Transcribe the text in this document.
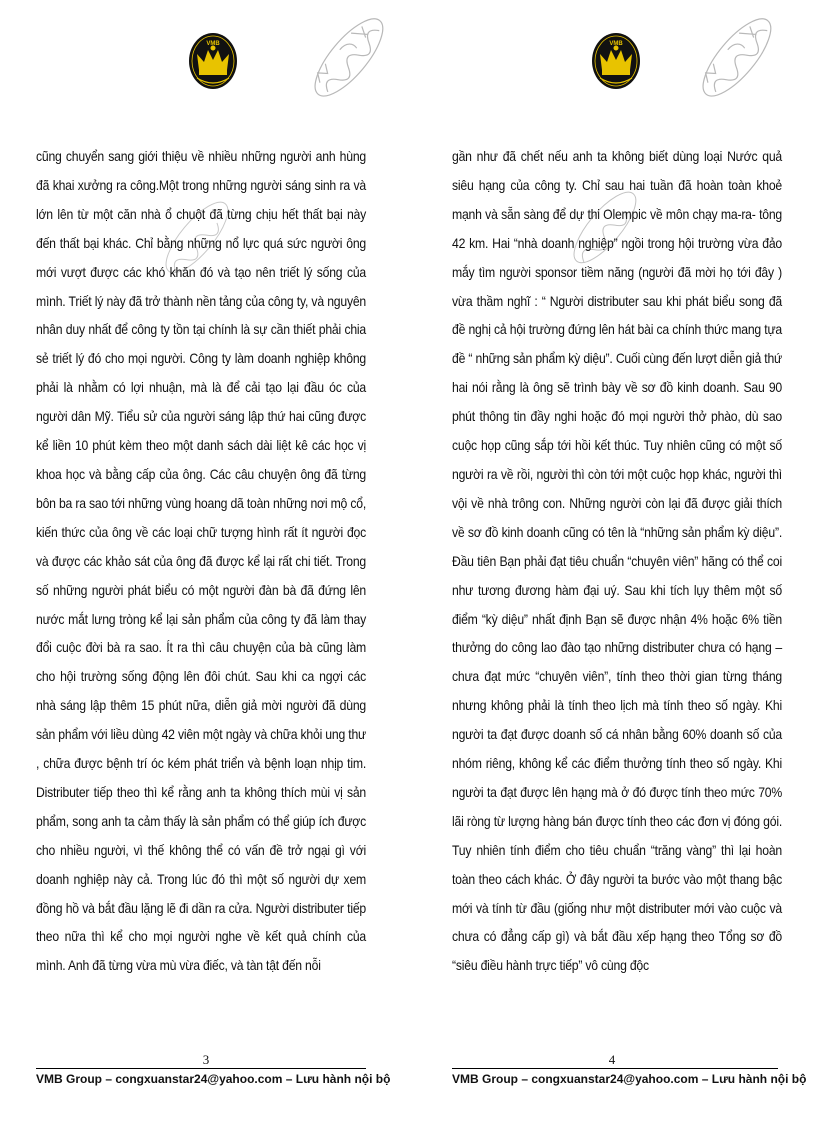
VMB
cũng chuyển sang giới thiệu về nhiều những người anh hùng đã khai xưởng ra công.Một trong những người sáng sinh ra và lớn lên từ một căn nhà ổ chuột đã từng chịu hết thất bại này đến thất bại khác. Chỉ bằng những nổ lực quá sức người ông mới vượt được các khó khăn đó và tạo nên triết lý sống của mình. Triết lý này đã trở thành nền tảng của công ty, và nguyên nhân duy nhất để công ty tồn tại chính là sự cần thiết phải chia sẻ triết lý đó cho mọi người. Công ty làm doanh nghiệp không phải là nhằm có lợi nhuận, mà là để cải tạo lại đầu óc của người dân Mỹ. Tiểu sử của người sáng lập thứ hai cũng được kể liền 10 phút kèm theo một danh sách dài liệt kê các học vị khoa học và bằng cấp của ông. Các câu chuyện ông đã từng bôn ba ra sao tới những vùng hoang dã toàn những nơi mộ cổ, kiến thức của ông về các loại chữ tượng hình rất ít người đọc và được các khảo sát của ông đã được kể lại rất chi tiết. Trong số những người phát biểu có một người đàn bà đã đứng lên nước mắt lưng tròng kể lại sản phẩm của công ty đã làm thay đổi cuộc đời bà ra sao. Ít ra thì câu chuyện của bà cũng làm cho hội trường sống động lên đôi chút. Sau khi ca ngợi các nhà sáng lập thêm 15 phút nữa, diễn giả mời người đã dùng sản phẩm với liều dùng 42 viên một ngày và chữa khỏi ung thư , chữa được bệnh trí óc kém phát triển và bệnh loạn nhịp tim. Distributer tiếp theo thì kể rằng anh ta không thích mùi vị sản phẩm, song anh ta cảm thấy là sản phẩm có thể giúp ích được cho nhiều người, vì thế không thể có vấn đề trở ngại gì với doanh nghiệp này cả. Trong lúc đó thì một số người dự xem đồng hồ và bắt đầu lặng lẽ đi dần ra cửa. Người distributer tiếp theo nữa thì kể cho mọi người nghe về kết quả chính của mình. Anh đã từng vừa mù vừa điếc, và tàn tật đến nỗi
3
VMB Group – congxuanstar24@yahoo.com – Lưu hành nội bộ
VMB
gần như đã chết nếu anh ta không biết dùng loại Nước quả siêu hạng của công ty. Chỉ sau hai tuần đã hoàn toàn khoẻ mạnh và sẵn sàng để dự thi Olempic về môn chạy ma-ra- tông 42 km. Hai “nhà doanh nghiệp” ngồi trong hội trường vừa đảo mắy tìm người sponsor tiềm năng (người đã mời họ tới đây ) vừa thầm nghĩ : “ Người distributer sau khi phát biểu song đã đề nghị cả hội trường đứng lên hát bài ca chính thức mang tựa đề “ những sản phẩm kỳ diệu”. Cuối cùng đến lượt diễn giả thứ hai nói rằng là ông sẽ trình bày về sơ đồ kinh doanh. Sau 90 phút thông tin đầy nghi hoặc đó mọi người thở phào, dù sao cuộc họp cũng sắp tới hồi kết thúc. Tuy nhiên cũng có một số người ra về rồi, người thì còn tới một cuộc họp khác, người thì vội về nhà trông con. Những người còn lại đã được giải thích về sơ đồ kinh doanh cũng có tên là “những sản phẩm kỳ diệu”. Đầu tiên Bạn phải đạt tiêu chuẩn “chuyên viên” hãng có thể coi như tương đương hàm đại uý. Sau khi tích lụy thêm một số điểm “kỳ diệu” nhất định Bạn sẽ được nhận 4% hoặc 6% tiền thưởng do công lao đào tạo những distributer chưa có hạng – chưa đạt mức “chuyên viên”, tính theo thời gian từng tháng nhưng không phải là tính theo lịch mà tính theo số ngày. Khi người ta đạt được doanh số cá nhân bằng 60% doanh số của nhóm riêng, không kể các điểm thưởng tính theo số ngày. Khi người ta đạt được lên hạng mà ở đó được tính theo mức 70% lãi ròng từ lượng hàng bán được tính theo các đơn vị đóng gói. Tuy nhiên tính điểm cho tiêu chuẩn “trăng vàng” thì lại hoàn toàn theo cách khác. Ở đây người ta bước vào một thang bậc mới và tính từ đầu (giống như một distributer mới vào cuộc và chưa có đẳng cấp gì) và bắt đầu xếp hạng theo Tổng sơ đồ “siêu điều hành trực tiếp” vô cùng độc
4
VMB Group – congxuanstar24@yahoo.com – Lưu hành nội bộ
